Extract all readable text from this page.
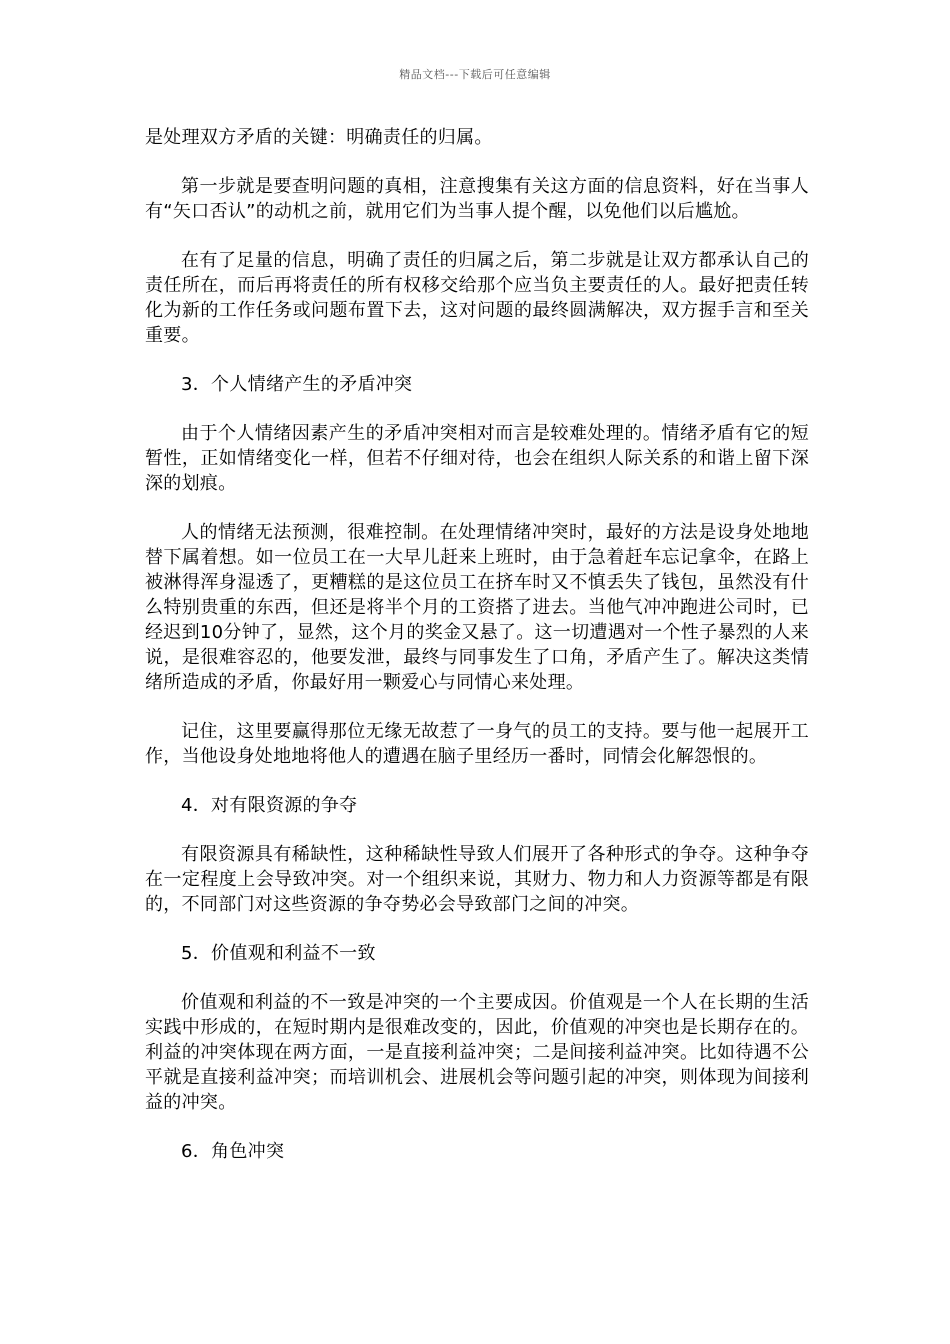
精品文档---下载后可任意编辑

是处理双方矛盾的关键：明确责任的归属。

第一步就是要查明问题的真相，注意搜集有关这方面的信息资料，好在当事人有“矢口否认”的动机之前，就用它们为当事人提个醒，以免他们以后尴尬。

在有了足量的信息，明确了责任的归属之后，第二步就是让双方都承认自己的责任所在，而后再将责任的所有权移交给那个应当负主要责任的人。最好把责任转化为新的工作任务或问题布置下去，这对问题的最终圆满解决，双方握手言和至关重要。

3．个人情绪产生的矛盾冲突

由于个人情绪因素产生的矛盾冲突相对而言是较难处理的。情绪矛盾有它的短暂性，正如情绪变化一样，但若不仔细对待，也会在组织人际关系的和谐上留下深深的划痕。

人的情绪无法预测，很难控制。在处理情绪冲突时，最好的方法是设身处地地替下属着想。如一位员工在一大早儿赶来上班时，由于急着赶车忘记拿伞，在路上被淋得浑身湿透了，更糟糕的是这位员工在挤车时又不慎丢失了钱包，虽然没有什么特别贵重的东西，但还是将半个月的工资搭了进去。当他气冲冲跑进公司时，已经迟到10分钟了，显然，这个月的奖金又悬了。这一切遭遇对一个性子暴烈的人来说，是很难容忍的，他要发泄，最终与同事发生了口角，矛盾产生了。解决这类情绪所造成的矛盾，你最好用一颗爱心与同情心来处理。

记住，这里要赢得那位无缘无故惹了一身气的员工的支持。要与他一起展开工作，当他设身处地地将他人的遭遇在脑子里经历一番时，同情会化解怨恨的。

4．对有限资源的争夺

有限资源具有稀缺性，这种稀缺性导致人们展开了各种形式的争夺。这种争夺在一定程度上会导致冲突。对一个组织来说，其财力、物力和人力资源等都是有限的，不同部门对这些资源的争夺势必会导致部门之间的冲突。

5．价值观和利益不一致

价值观和利益的不一致是冲突的一个主要成因。价值观是一个人在长期的生活实践中形成的，在短时期内是很难改变的，因此，价值观的冲突也是长期存在的。利益的冲突体现在两方面，一是直接利益冲突；二是间接利益冲突。比如待遇不公平就是直接利益冲突；而培训机会、进展机会等问题引起的冲突，则体现为间接利益的冲突。

6．角色冲突
